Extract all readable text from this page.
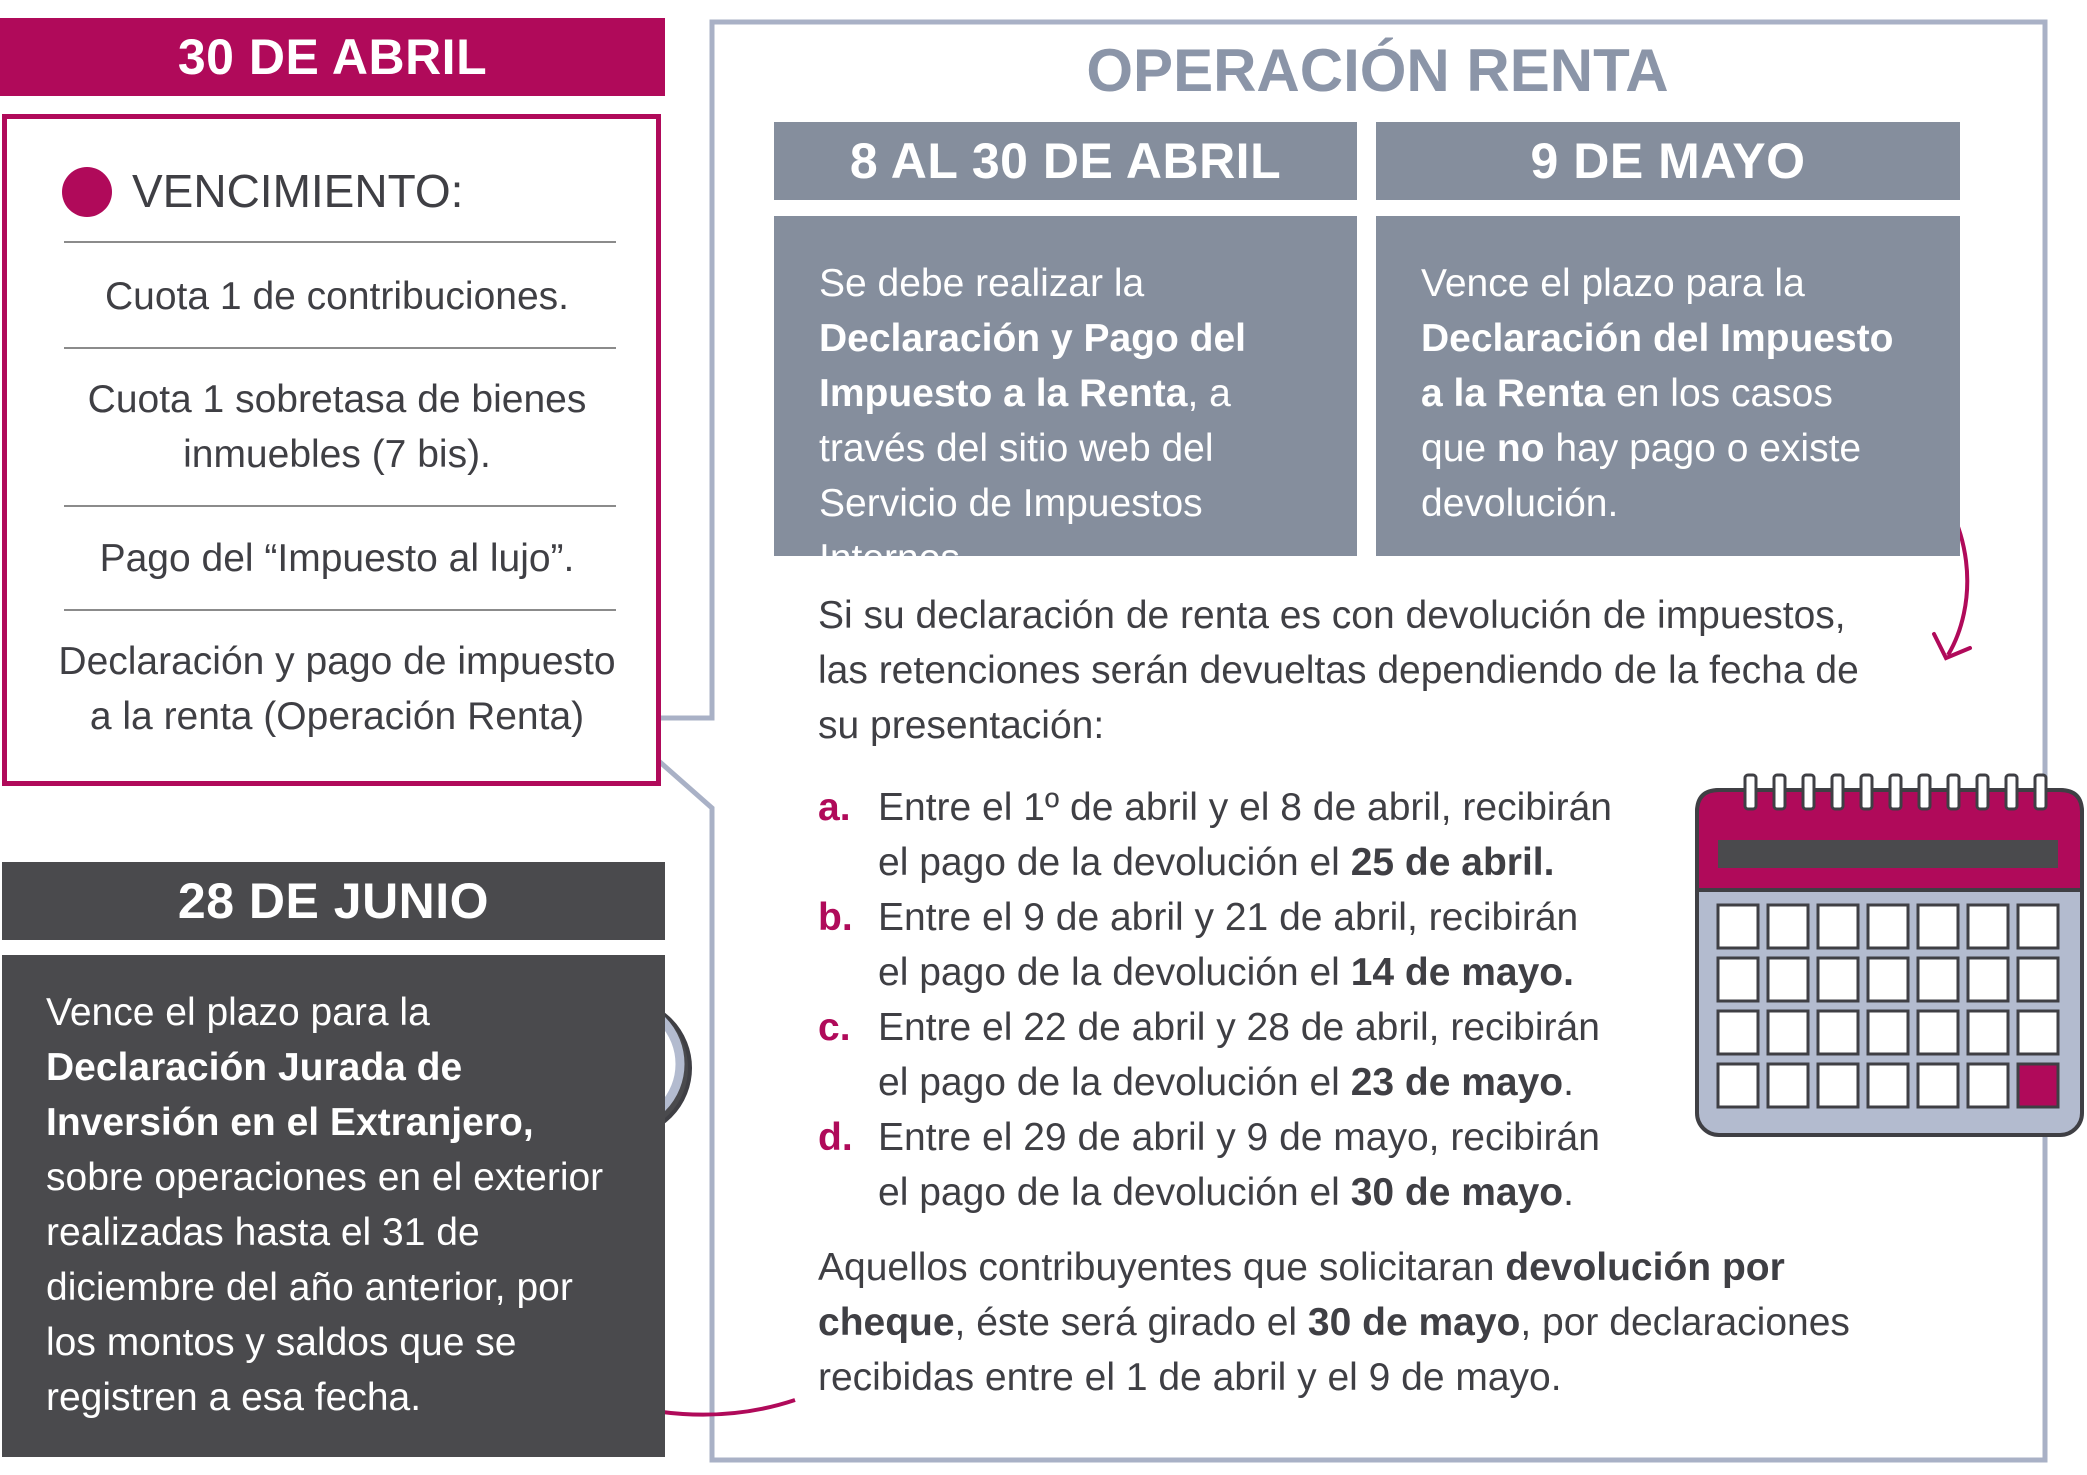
30 DE ABRIL
VENCIMIENTO:
Cuota 1 de contribuciones.
Cuota 1 sobretasa de bienes inmuebles (7 bis).
Pago del “Impuesto al lujo”.
Declaración y pago de impuesto a la renta (Operación Renta)
28 DE JUNIO
Vence el plazo para la Declaración Jurada de Inversión en el Extranjero, sobre operaciones en el exterior realizadas hasta el 31 de diciembre del año anterior, por los montos y saldos que se registren a esa fecha.
OPERACIÓN RENTA
8 AL 30 DE ABRIL	9 DE MAYO
Se debe realizar la Declaración y Pago del Impuesto a la Renta, a través del sitio web del Servicio de Impuestos Internos.
Vence el plazo para la Declaración del Impuesto a la Renta en los casos que no hay pago o existe devolución.
Si su declaración de renta es con devolución de impuestos, las retenciones serán devueltas dependiendo de la fecha de su presentación:
a. Entre el 1º de abril y el 8 de abril, recibirán el pago de la devolución el 25 de abril.
b. Entre el 9 de abril y 21 de abril, recibirán el pago de la devolución el 14 de mayo.
c. Entre el 22 de abril y 28 de abril, recibirán el pago de la devolución el 23 de mayo.
d. Entre el 29 de abril y 9 de mayo, recibirán el pago de la devolución el 30 de mayo.
Aquellos contribuyentes que solicitaran devolución por cheque, éste será girado el 30 de mayo, por declaraciones recibidas entre el 1 de abril y el 9 de mayo.
